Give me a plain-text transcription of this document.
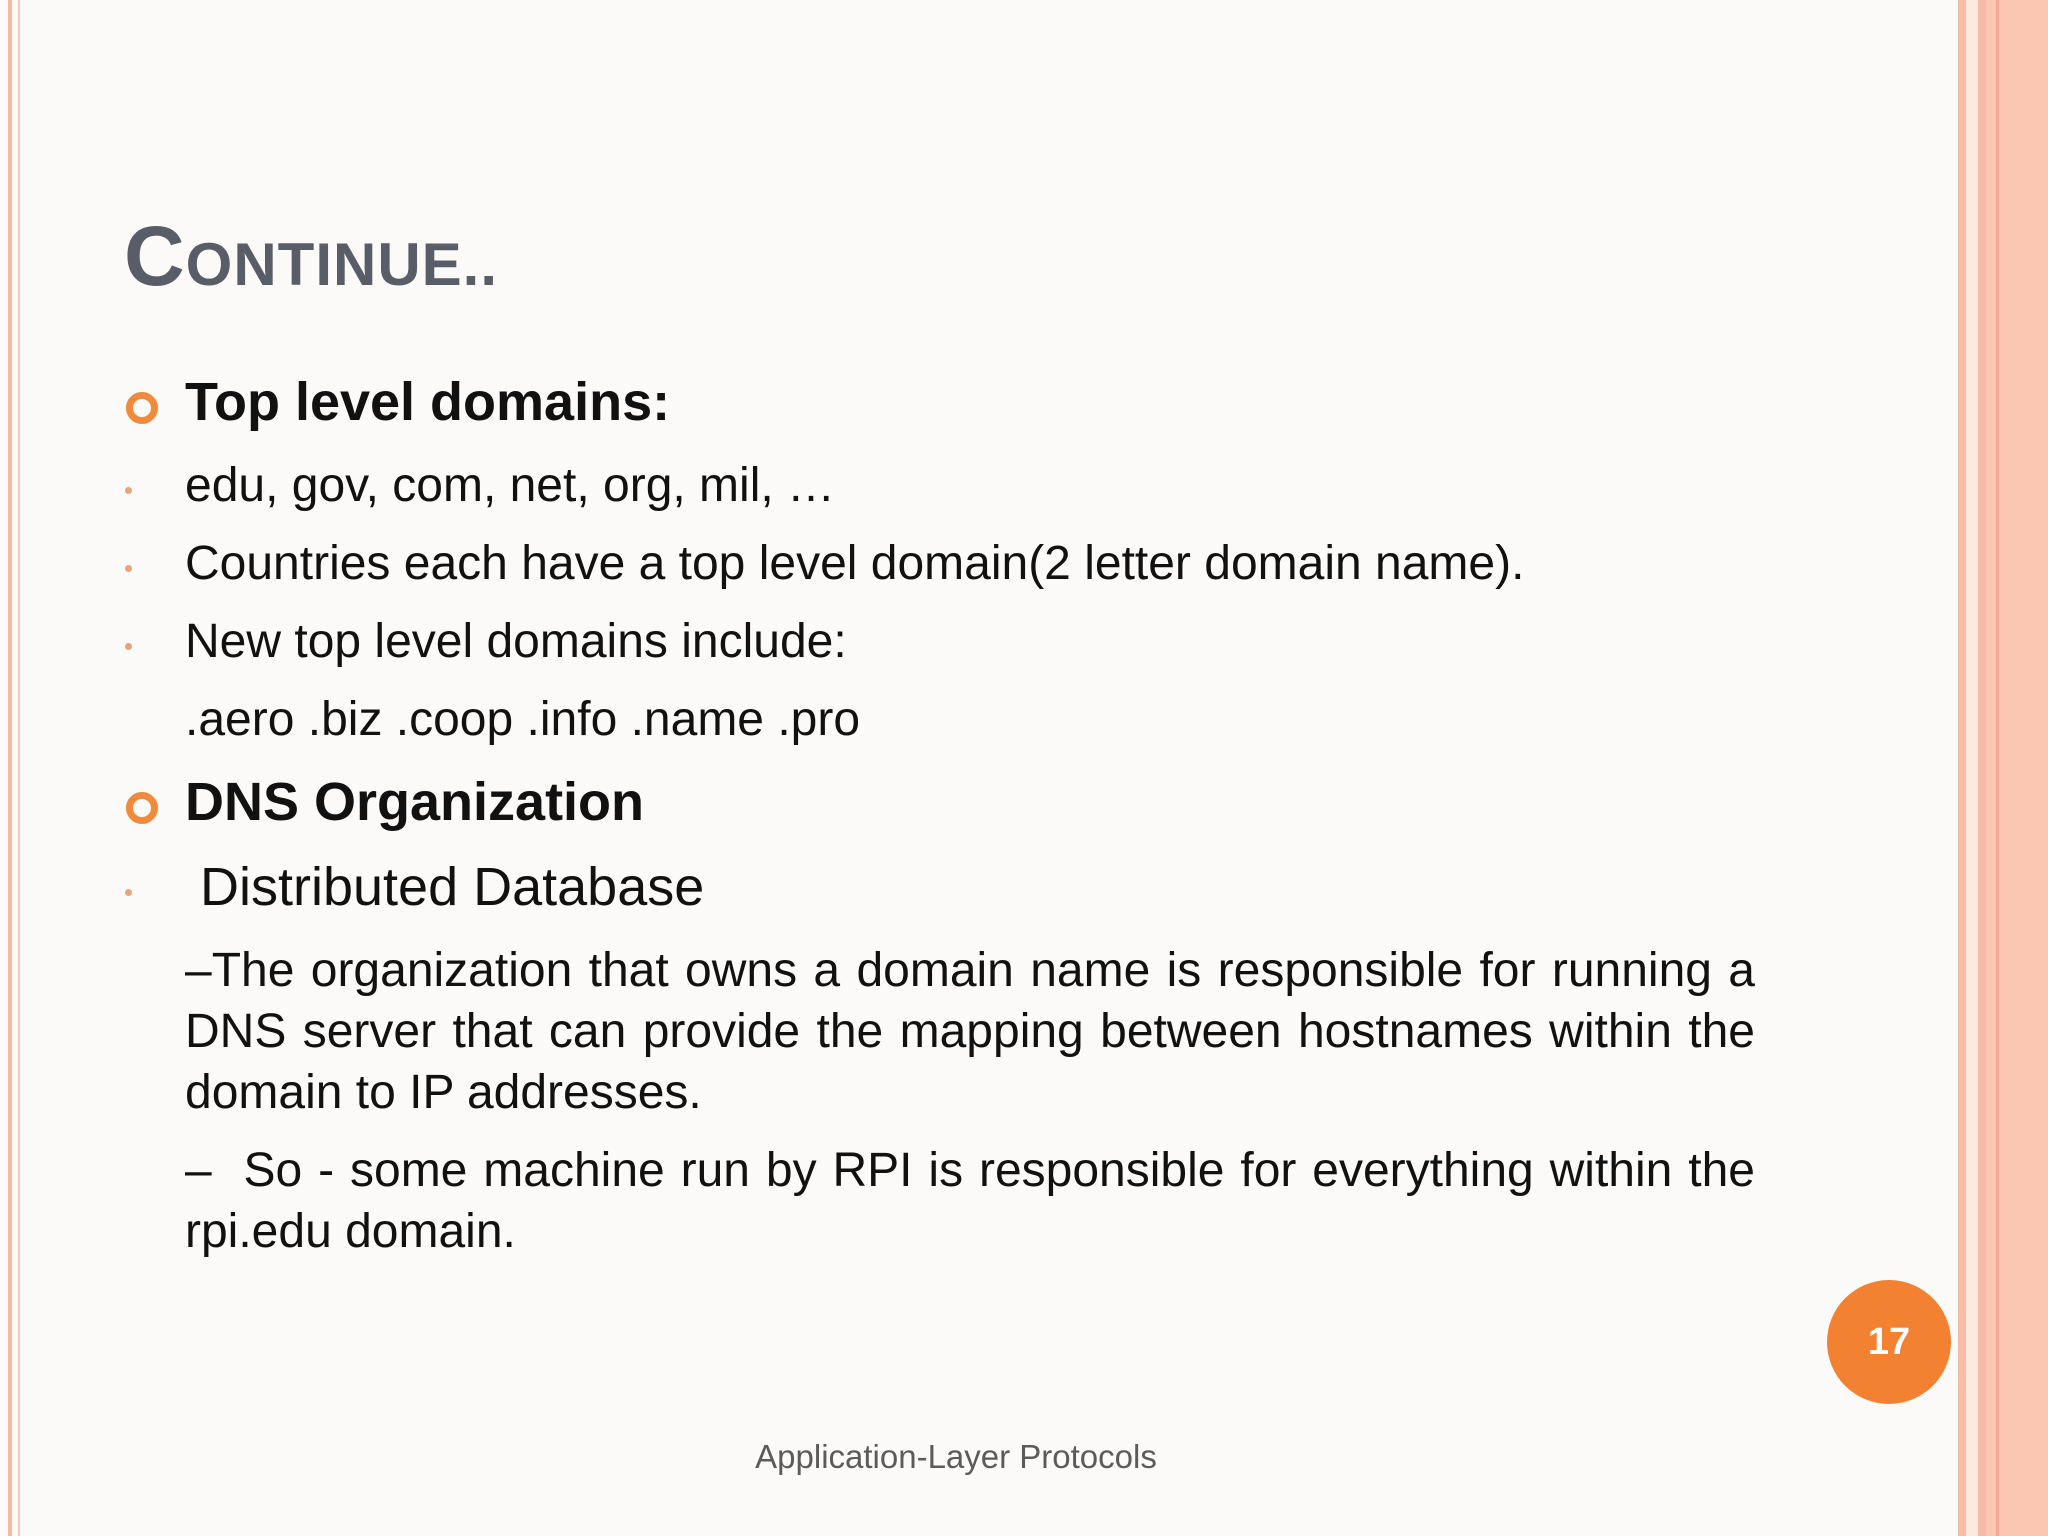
CONTINUE..
Top level domains:
edu, gov, com, net, org, mil, …
Countries each have a top level domain(2 letter domain name).
New top level domains include:
.aero .biz .coop .info .name .pro
DNS Organization
Distributed Database
–The organization that owns a domain name is responsible for running a DNS server that can provide the mapping between hostnames within the domain to IP addresses.
–  So - some machine run by RPI is responsible for everything within the rpi.edu domain.
17
Application-Layer Protocols
